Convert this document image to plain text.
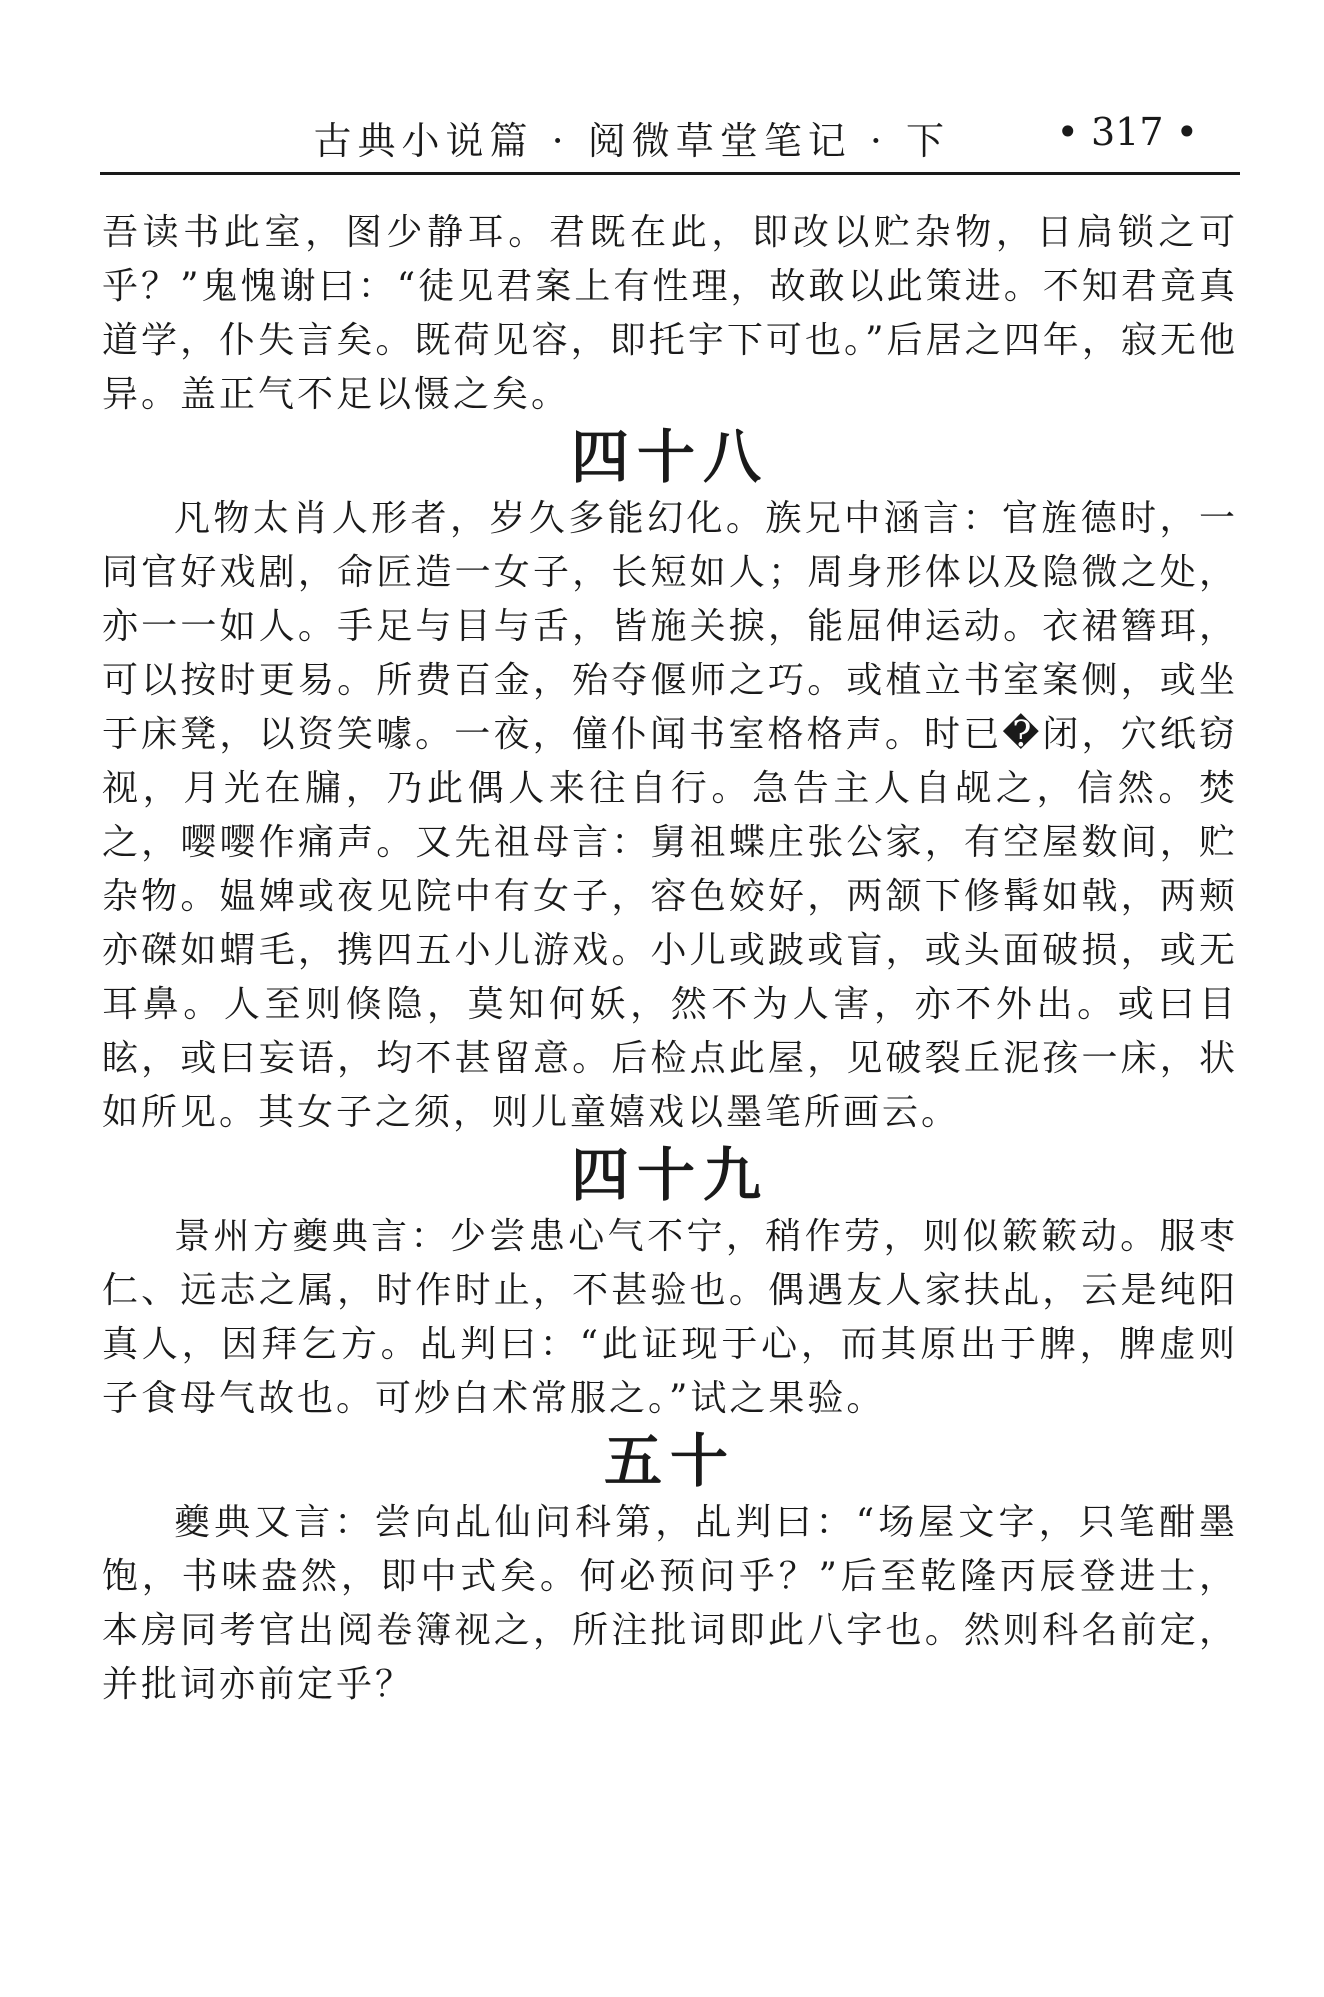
古典小说篇 · 阅微草堂笔记 · 下	• 317 •

吾读书此室，图少静耳。君既在此，即改以贮杂物，日扃锁之可乎？”鬼愧谢曰：“徒见君案上有性理，故敢以此策进。不知君竟真道学，仆失言矣。既荷见容，即托宇下可也。”后居之四年，寂无他异。盖正气不足以慑之矣。

四十八

凡物太肖人形者，岁久多能幻化。族兄中涵言：官旌德时，一同官好戏剧，命匠造一女子，长短如人；周身形体以及隐微之处，亦一一如人。手足与目与舌，皆施关捩，能屈伸运动。衣裙簪珥，可以按时更易。所费百金，殆夺偃师之巧。或植立书室案侧，或坐于床凳，以资笑噱。一夜，僮仆闻书室格格声。时已�闭，穴纸窃视，月光在牖，乃此偶人来往自行。急告主人自觇之，信然。焚之，嘤嘤作痛声。又先祖母言：舅祖蝶庄张公家，有空屋数间，贮杂物。媪婢或夜见院中有女子，容色姣好，两颔下修髯如戟，两颊亦磔如蝟毛，携四五小儿游戏。小儿或跛或盲，或头面破损，或无耳鼻。人至则倏隐，莫知何妖，然不为人害，亦不外出。或曰目眩，或曰妄语，均不甚留意。后检点此屋，见破裂丘泥孩一床，状如所见。其女子之须，则儿童嬉戏以墨笔所画云。

四十九

景州方夔典言：少尝患心气不宁，稍作劳，则似簌簌动。服枣仁、远志之属，时作时止，不甚验也。偶遇友人家扶乩，云是纯阳真人，因拜乞方。乩判曰：“此证现于心，而其原出于脾，脾虚则子食母气故也。可炒白术常服之。”试之果验。

五十

夔典又言：尝向乩仙问科第，乩判曰：“场屋文字，只笔酣墨饱，书味盎然，即中式矣。何必预问乎？”后至乾隆丙辰登进士，本房同考官出阅卷簿视之，所注批词即此八字也。然则科名前定，并批词亦前定乎？
